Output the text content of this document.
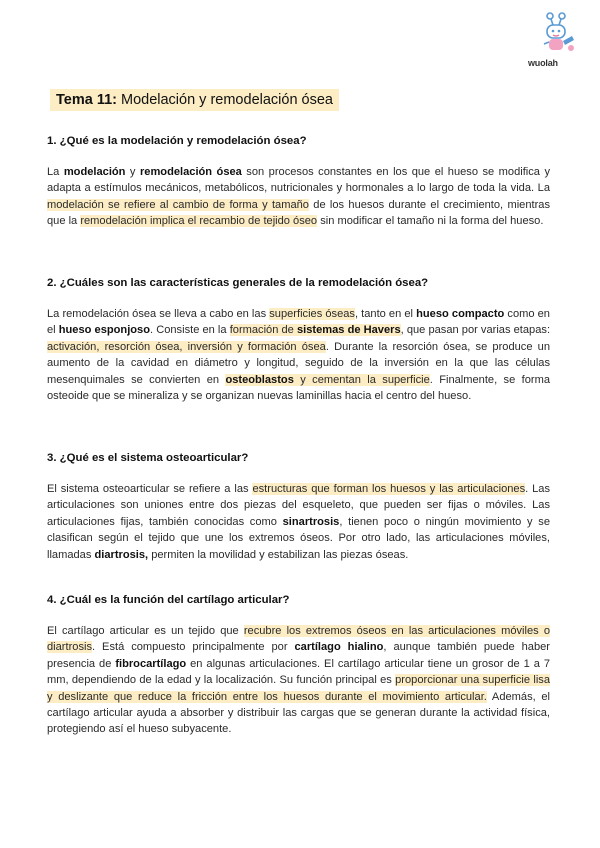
wuolah
Tema 11: Modelación y remodelación ósea
1. ¿Qué es la modelación y remodelación ósea?

La modelación y remodelación ósea son procesos constantes en los que el hueso se modifica y adapta a estímulos mecánicos, metabólicos, nutricionales y hormonales a lo largo de toda la vida. La modelación se refiere al cambio de forma y tamaño de los huesos durante el crecimiento, mientras que la remodelación implica el recambio de tejido óseo sin modificar el tamaño ni la forma del hueso.

2. ¿Cuáles son las características generales de la remodelación ósea?

La remodelación ósea se lleva a cabo en las superficies óseas, tanto en el hueso compacto como en el hueso esponjoso. Consiste en la formación de sistemas de Havers, que pasan por varias etapas: activación, resorción ósea, inversión y formación ósea. Durante la resorción ósea, se produce un aumento de la cavidad en diámetro y longitud, seguido de la inversión en la que las células mesenquimales se convierten en osteoblastos y cementan la superficie. Finalmente, se forma osteoide que se mineraliza y se organizan nuevas laminillas hacia el centro del hueso.

3. ¿Qué es el sistema osteoarticular?

El sistema osteoarticular se refiere a las estructuras que forman los huesos y las articulaciones. Las articulaciones son uniones entre dos piezas del esqueleto, que pueden ser fijas o móviles. Las articulaciones fijas, también conocidas como sinartrosis, tienen poco o ningún movimiento y se clasifican según el tejido que une los extremos óseos. Por otro lado, las articulaciones móviles, llamadas diartrosis, permiten la movilidad y estabilizan las piezas óseas.

4. ¿Cuál es la función del cartílago articular?

El cartílago articular es un tejido que recubre los extremos óseos en las articulaciones móviles o diartrosis. Está compuesto principalmente por cartílago hialino, aunque también puede haber presencia de fibrocartílago en algunas articulaciones. El cartílago articular tiene un grosor de 1 a 7 mm, dependiendo de la edad y la localización. Su función principal es proporcionar una superficie lisa y deslizante que reduce la fricción entre los huesos durante el movimiento articular. Además, el cartílago articular ayuda a absorber y distribuir las cargas que se generan durante la actividad física, protegiendo así el hueso subyacente.
